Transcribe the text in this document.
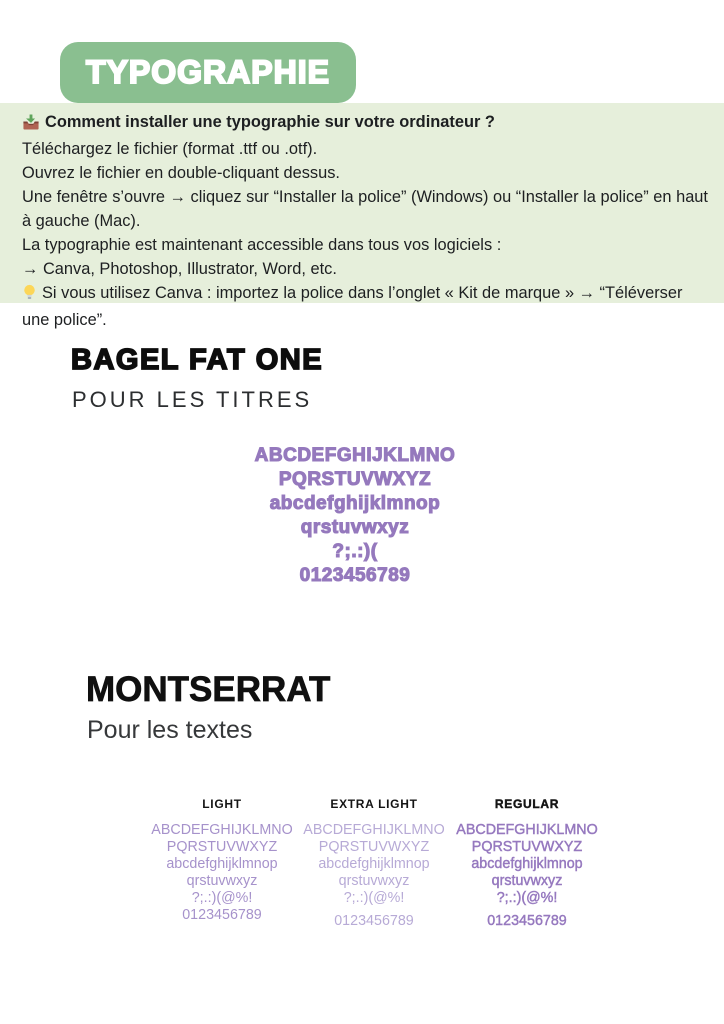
TYPOGRAPHIE

Comment installer une typographie sur votre ordinateur ?

Téléchargez le fichier (format .ttf ou .otf).

Ouvrez le fichier en double-cliquant dessus.

Une fenêtre s’ouvre → cliquez sur “Installer la police” (Windows) ou “Installer la police” en haut à gauche (Mac).

La typographie est maintenant accessible dans tous vos logiciels :

→ Canva, Photoshop, Illustrator, Word, etc.

Si vous utilisez Canva : importez la police dans l’onglet « Kit de marque » → “Téléverser une police”.

BAGEL FAT ONE
POUR LES TITRES

ABCDEFGHIJKLMNO

PQRSTUVWXYZ

abcdefghijklmnop

qrstuvwxyz

?;.:)(

0123456789

MONTSERRAT
Pour les textes

LIGHT

ABCDEFGHIJKLMNO

PQRSTUVWXYZ

abcdefghijklmnop

qrstuvwxyz

?;.:)(@%!

0123456789

EXTRA LIGHT

ABCDEFGHIJKLMNO

PQRSTUVWXYZ

abcdefghijklmnop

qrstuvwxyz

?;.:)(@%!

0123456789

REGULAR

ABCDEFGHIJKLMNO

PQRSTUVWXYZ

abcdefghijklmnop

qrstuvwxyz

?;.:)(@%!

0123456789
